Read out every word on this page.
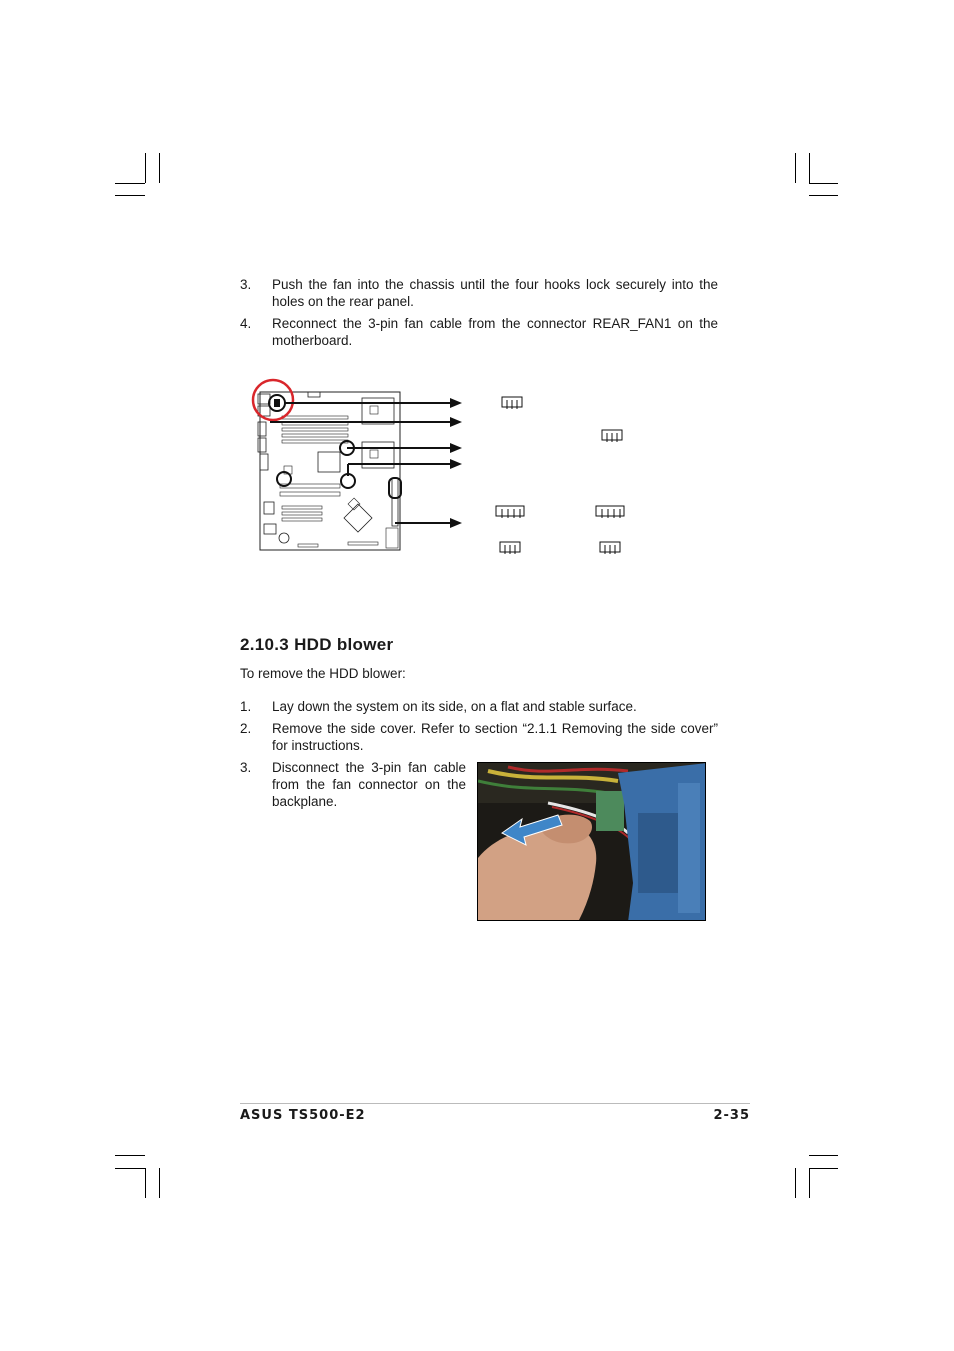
3. Push the fan into the chassis until the four hooks lock securely into the holes on the rear panel.
4. Reconnect the 3-pin fan cable from the connector REAR_FAN1 on the motherboard.
2.10.3 HDD blower
To remove the HDD blower:
1. Lay down the system on its side, on a flat and stable surface.
2. Remove the side cover. Refer to section “2.1.1 Removing the side cover” for instructions.
3. Disconnect the 3-pin fan cable from the fan connector on the backplane.
ASUS TS500-E2	2-35
